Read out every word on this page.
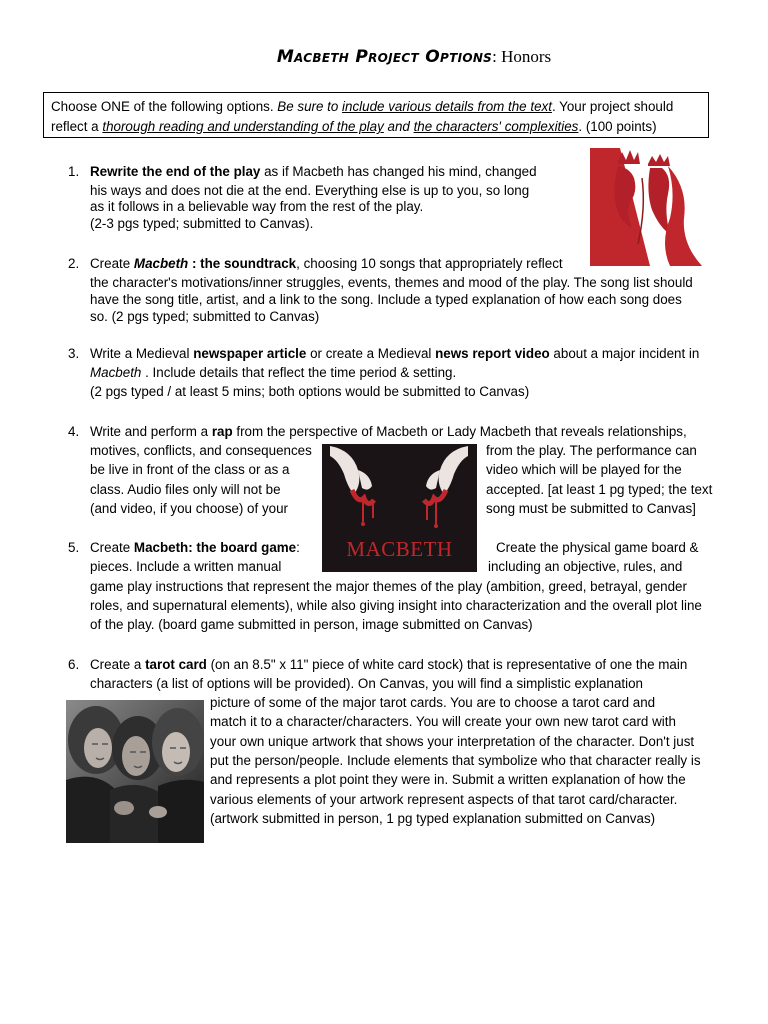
Macbeth Project Options: Honors
Choose ONE of the following options. Be sure to include various details from the text. Your project should
reflect a thorough reading and understanding of the play and the characters' complexities. (100 points)
1. Rewrite the end of the play as if Macbeth has changed his mind, changed
his ways and does not die at the end. Everything else is up to you, so long
as it follows in a believable way from the rest of the play.
(2-3 pgs typed; submitted to Canvas).
2. Create Macbeth : the soundtrack, choosing 10 songs that appropriately reflect
the character's motivations/inner struggles, events, themes and mood of the play. The song list should
have the song title, artist, and a link to the song. Include a typed explanation of how each song does
so. (2 pgs typed; submitted to Canvas)
3. Write a Medieval newspaper article or create a Medieval news report video about a major incident in
Macbeth . Include details that reflect the time period & setting.
(2 pgs typed / at least 5 mins; both options would be submitted to Canvas)
4. Write and perform a rap from the perspective of Macbeth or Lady Macbeth that reveals relationships,
motives, conflicts, and consequences	from the play. The performance can
be live in front of the class or as a	video which will be played for the
class. Audio files only will not be	accepted. [at least 1 pg typed; the text
(and video, if you choose) of your	song must be submitted to Canvas]
MACBETH
5. Create Macbeth: the board game:	Create the physical game board &
pieces. Include a written manual	including an objective, rules, and
game play instructions that represent the major themes of the play (ambition, greed, betrayal, gender
roles, and supernatural elements), while also giving insight into characterization and the overall plot line
of the play. (board game submitted in person, image submitted on Canvas)
6. Create a tarot card (on an 8.5" x 11" piece of white card stock) that is representative of one the main
characters (a list of options will be provided). On Canvas, you will find a simplistic explanation
picture of some of the major tarot cards. You are to choose a tarot card and
match it to a character/characters. You will create your own new tarot card with
your own unique artwork that shows your interpretation of the character. Don't just
put the person/people. Include elements that symbolize who that character really is
and represents a plot point they were in. Submit a written explanation of how the
various elements of your artwork represent aspects of that tarot card/character.
(artwork submitted in person, 1 pg typed explanation submitted on Canvas)
